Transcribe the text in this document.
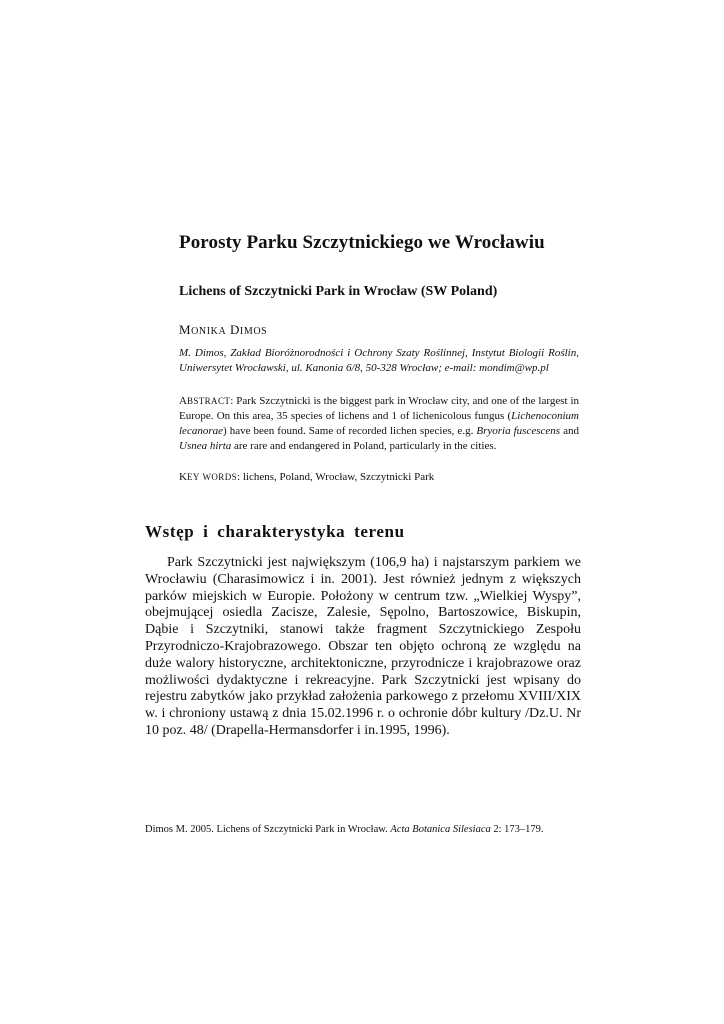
Porosty Parku Szczytnickiego we Wrocławiu
Lichens of Szczytnicki Park in Wrocław (SW Poland)

MONIKA DIMOS

M. Dimos, Zakład Bioróżnorodności i Ochrony Szaty Roślinnej, Instytut Biologii Roślin, Uniwersytet Wrocławski, ul. Kanonia 6/8, 50-328 Wrocław; e-mail: mondim@wp.pl

ABSTRACT: Park Szczytnicki is the biggest park in Wrocław city, and one of the largest in Europe. On this area, 35 species of lichens and 1 of lichenicolous fungus (Lichenoconium lecanorae) have been found. Same of recorded lichen species, e.g. Bryoria fuscescens and Usnea hirta are rare and endangered in Poland, particularly in the cities.

KEY WORDS: lichens, Poland, Wrocław, Szczytnicki Park

Wstęp i charakterystyka terenu

Park Szczytnicki jest największym (106,9 ha) i najstarszym parkiem we Wrocławiu (Charasimowicz i in. 2001). Jest również jednym z większych parków miejskich w Europie. Położony w centrum tzw. „Wielkiej Wyspy”, obejmującej osiedla Zacisze, Zalesie, Sępolno, Bartoszowice, Biskupin, Dąbie i Szczytniki, stanowi także fragment Szczytnickiego Zespołu Przyrodniczo-Krajobrazowego. Obszar ten objęto ochroną ze względu na duże walory historyczne, architektoniczne, przyrodnicze i krajobrazowe oraz możliwości dydaktyczne i rekreacyjne. Park Szczytnicki jest wpisany do rejestru zabytków jako przykład założenia parkowego z przełomu XVIII/XIX w. i chroniony ustawą z dnia 15.02.1996 r. o ochronie dóbr kultury /Dz.U. Nr 10 poz. 48/ (Drapella-Hermansdorfer i in.1995, 1996).

Dimos M. 2005. Lichens of Szczytnicki Park in Wrocław. Acta Botanica Silesiaca 2: 173–179.
